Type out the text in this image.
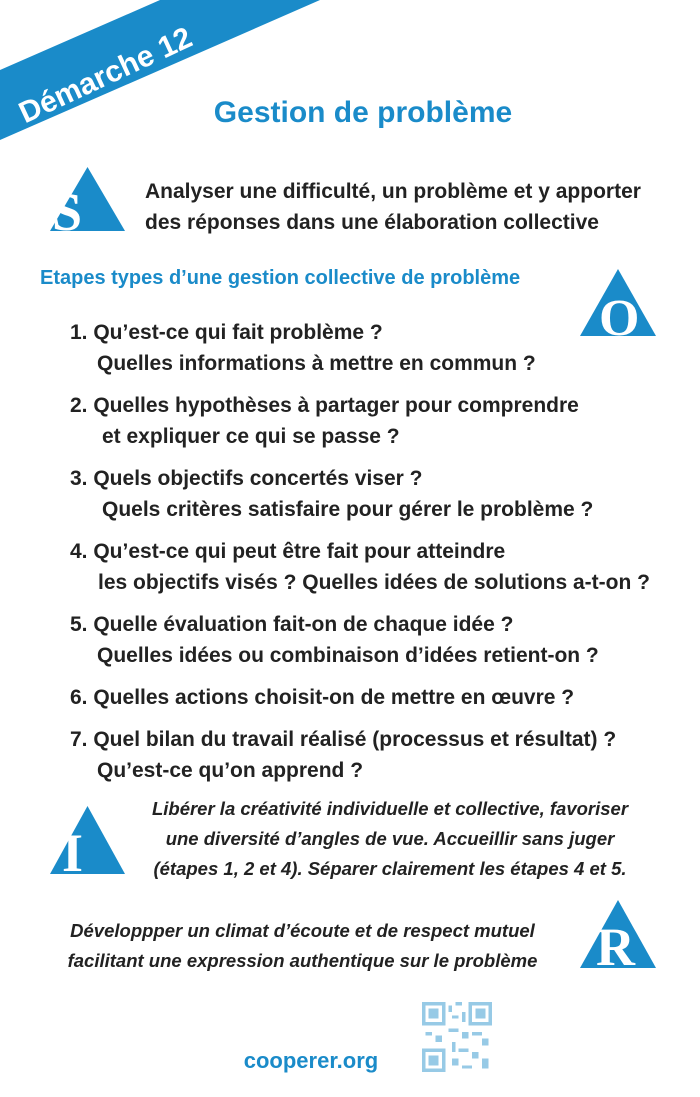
Démarche 12 Gestion de problème
S	Analyser une difficulté, un problème et y apporter
des réponses dans une élaboration collective
Etapes types d’une gestion collective de problème
O
1. Qu’est-ce qui fait problème ?
Quelles informations à mettre en commun ?
2. Quelles hypothèses à partager pour comprendre
et expliquer ce qui se passe ?
3. Quels objectifs concertés viser ?
Quels critères satisfaire pour gérer le problème ?
4. Qu’est-ce qui peut être fait pour atteindre
les objectifs visés ? Quelles idées de solutions a-t-on ?
5. Quelle évaluation fait-on de chaque idée ?
Quelles idées ou combinaison d’idées retient-on ?
6. Quelles actions choisit-on de mettre en œuvre ?
7. Quel bilan du travail réalisé (processus et résultat) ?
Qu’est-ce qu’on apprend ?
I
Libérer la créativité individuelle et collective, favoriser
une diversité d’angles de vue. Accueillir sans juger
(étapes 1, 2 et 4). Séparer clairement les étapes 4 et 5.
Développper un climat d’écoute et de respect mutuel
facilitant une expression authentique sur le problème	R
cooperer.org
